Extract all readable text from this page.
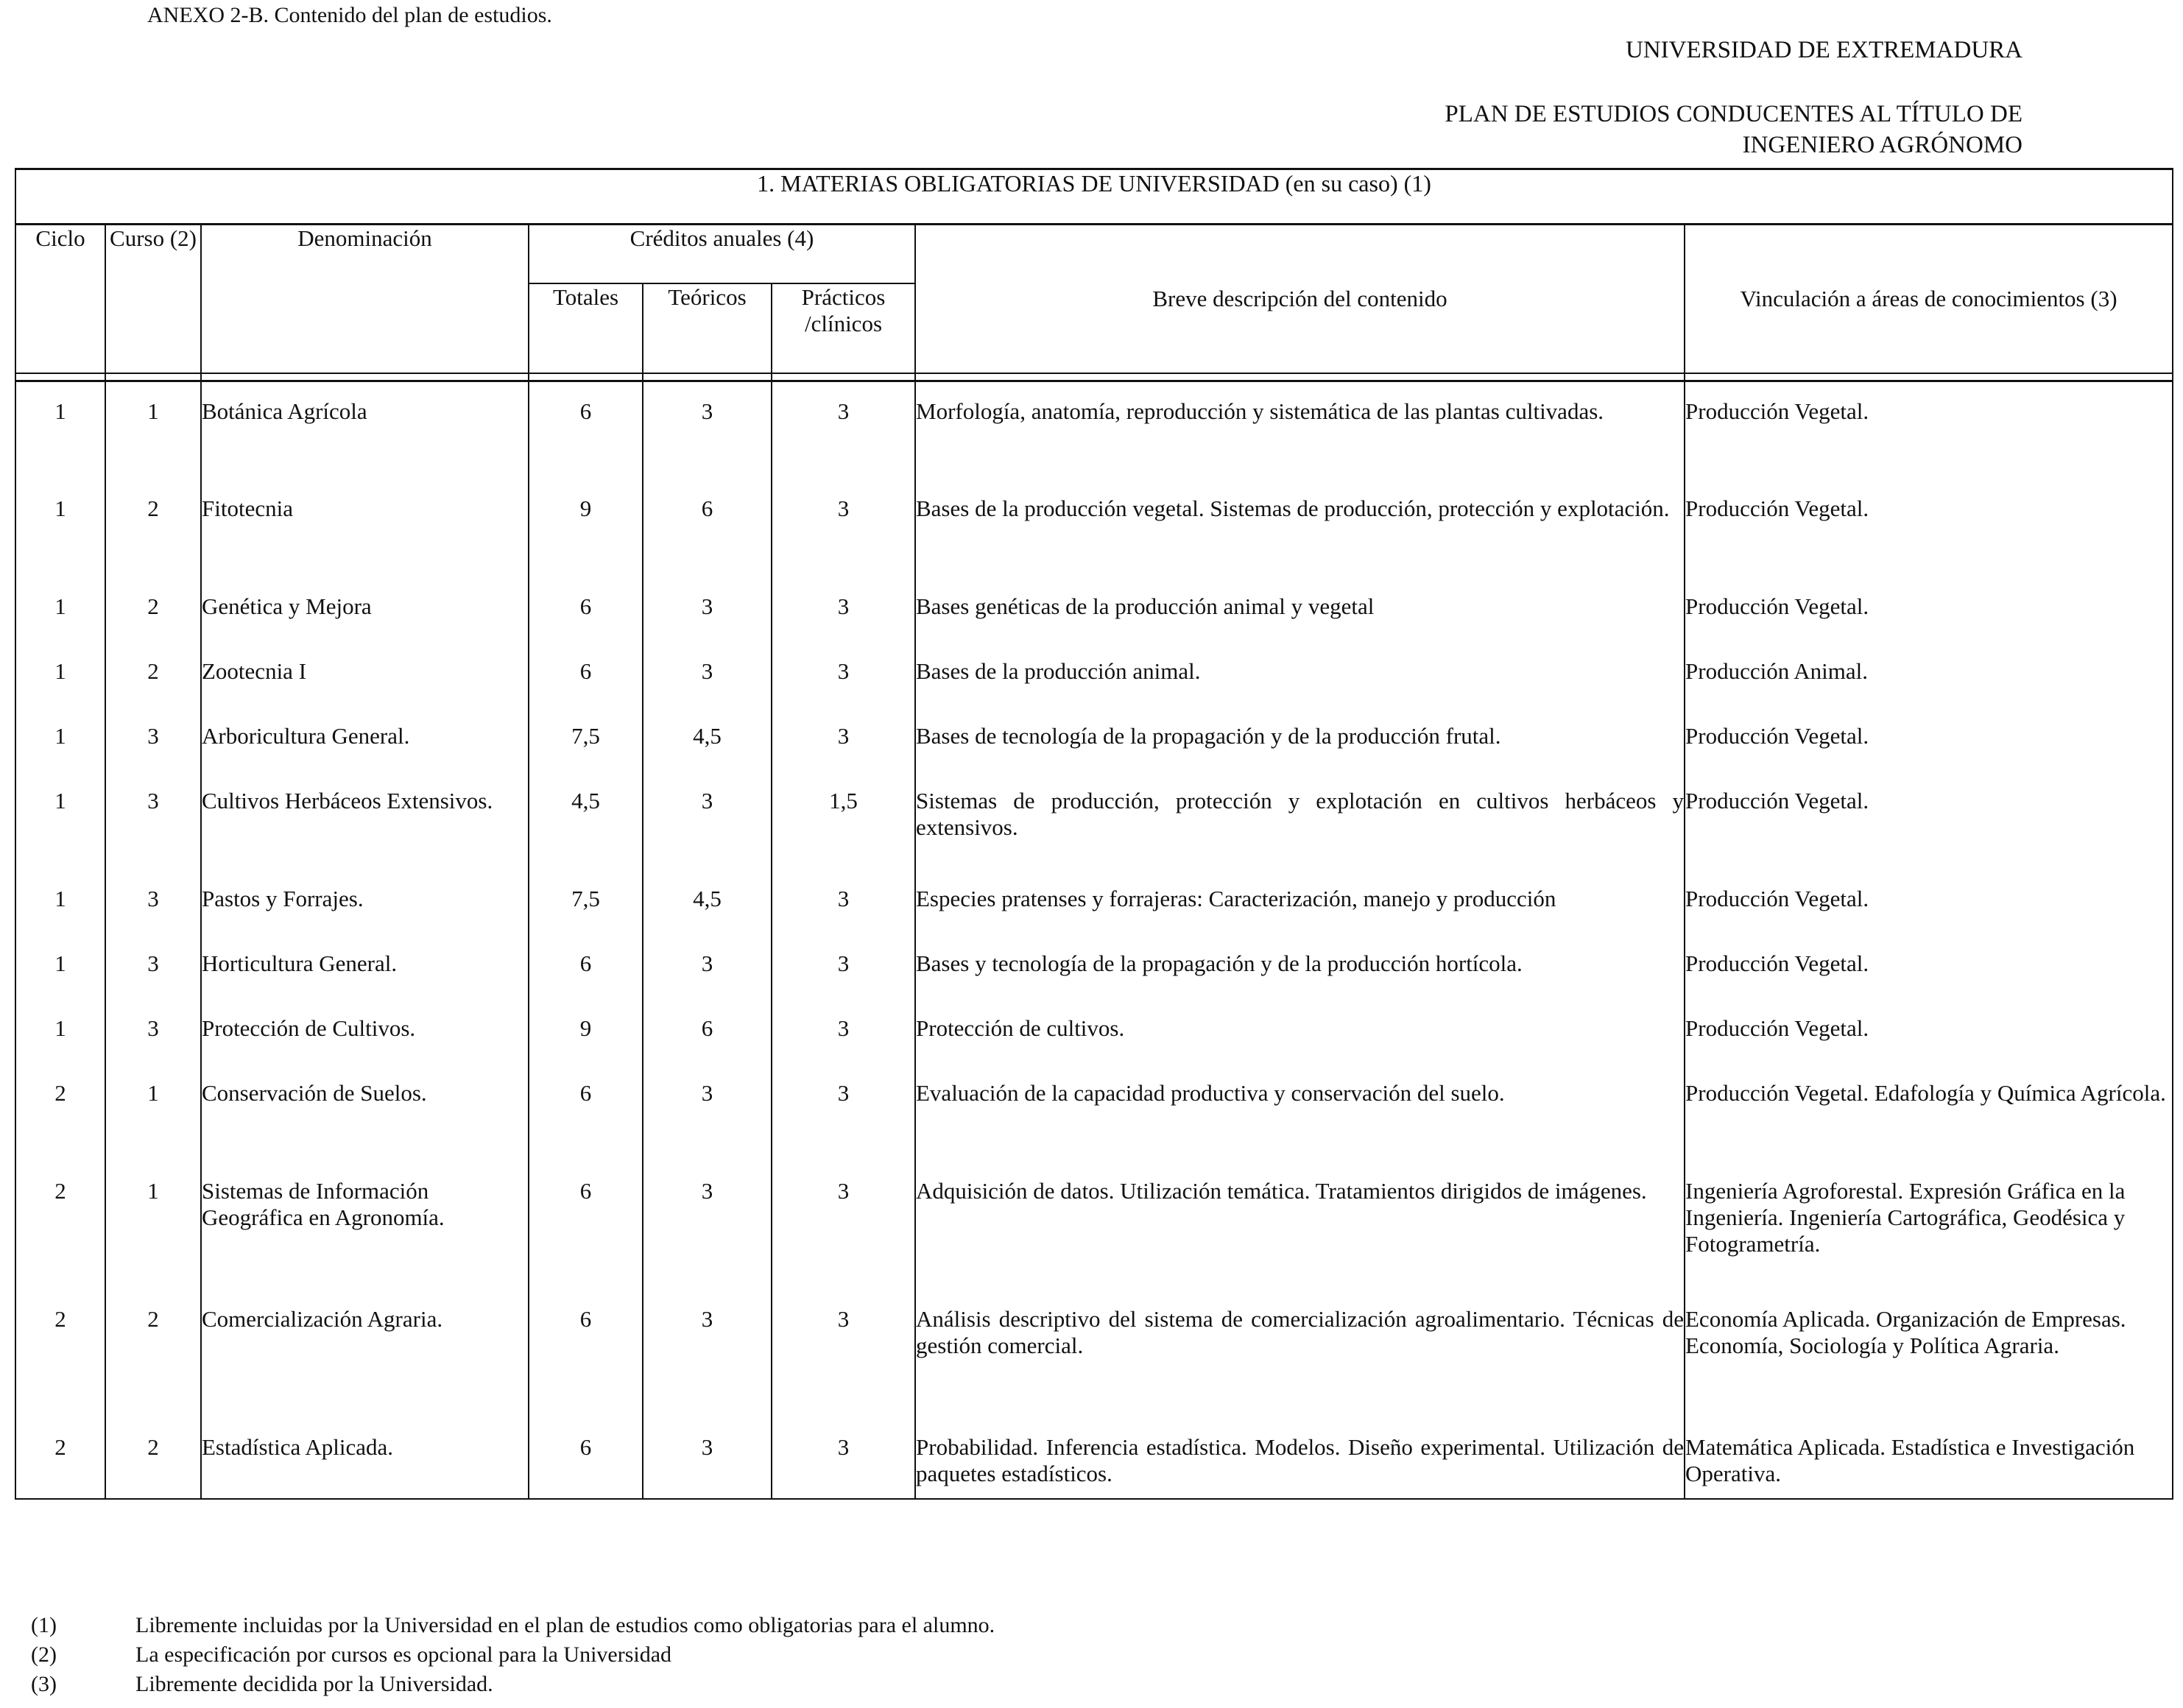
ANEXO 2-B. Contenido del plan de estudios.
UNIVERSIDAD DE EXTREMADURA
PLAN DE ESTUDIOS CONDUCENTES AL TÍTULO DE
INGENIERO AGRÓNOMO
1. MATERIAS OBLIGATORIAS DE UNIVERSIDAD (en su caso) (1)							
Ciclo	Curso (2)	Denominación	Créditos anuales (4)			Breve descripción del contenido	Vinculación a áreas de conocimientos (3)
			Totales	Teóricos	Prácticos /clínicos		

1	1	Botánica Agrícola	6	3	3	Morfología, anatomía, reproducción y sistemática de las plantas cultivadas.	Producción Vegetal.
1	2	Fitotecnia	9	6	3	Bases de la producción vegetal. Sistemas de producción, protección y explotación.	Producción Vegetal.
1	2	Genética y Mejora	6	3	3	Bases genéticas de la producción animal y vegetal	Producción Vegetal.
1	2	Zootecnia I	6	3	3	Bases de la producción animal.	Producción Animal.
1	3	Arboricultura General.	7,5	4,5	3	Bases de tecnología de la propagación y de la producción frutal.	Producción Vegetal.
1	3	Cultivos Herbáceos Extensivos.	4,5	3	1,5	Sistemas de producción, protección y explotación en cultivos herbáceos y extensivos.	Producción Vegetal.
1	3	Pastos y Forrajes.	7,5	4,5	3	Especies pratenses y forrajeras: Caracterización, manejo y producción	Producción Vegetal.
1	3	Horticultura General.	6	3	3	Bases y tecnología de la propagación y de la producción hortícola.	Producción Vegetal.
1	3	Protección de Cultivos.	9	6	3	Protección de cultivos.	Producción Vegetal.
2	1	Conservación de Suelos.	6	3	3	Evaluación de la capacidad productiva y conservación del suelo.	Producción Vegetal. Edafología y Química Agrícola.
2	1	Sistemas de Información Geográfica en Agronomía.	6	3	3	Adquisición de datos. Utilización temática. Tratamientos dirigidos de imágenes.	Ingeniería Agroforestal. Expresión Gráfica en la Ingeniería. Ingeniería Cartográfica, Geodésica y Fotogrametría.
2	2	Comercialización Agraria.	6	3	3	Análisis descriptivo del sistema de comercialización agroalimentario. Técnicas de gestión comercial.	Economía Aplicada. Organización de Empresas. Economía, Sociología y Política Agraria.
2	2	Estadística Aplicada.	6	3	3	Probabilidad. Inferencia estadística. Modelos. Diseño experimental. Utilización de paquetes estadísticos.	Matemática Aplicada. Estadística e Investigación Operativa.
(1)	Libremente incluidas por la Universidad en el plan de estudios como obligatorias para el alumno.
(2)	La especificación por cursos es opcional para la Universidad
(3)	Libremente decidida por la Universidad.
